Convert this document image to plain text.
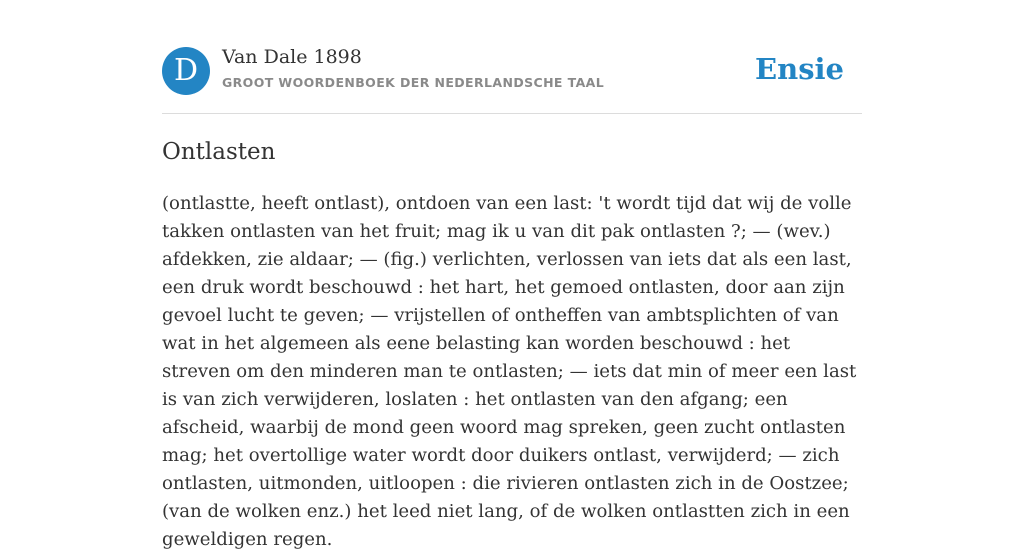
D	Van Dale 1898
GROOT WOORDENBOEK DER NEDERLANDSCHE TAAL	Ensie
Ontlasten

(ontlastte, heeft ontlast), ontdoen van een last: 't wordt tijd dat wij de volle takken ontlasten van het fruit; mag ik u van dit pak ontlasten ?; — (wev.) afdekken, zie aldaar; — (fig.) verlichten, verlossen van iets dat als een last, een druk wordt beschouwd : het hart, het gemoed ontlasten, door aan zijn gevoel lucht te geven; — vrijstellen of ontheffen van ambtsplichten of van wat in het algemeen als eene belasting kan worden beschouwd : het streven om den minderen man te ontlasten; — iets dat min of meer een last is van zich verwijderen, loslaten : het ontlasten van den afgang; een afscheid, waarbij de mond geen woord mag spreken, geen zucht ontlasten mag; het overtollige water wordt door duikers ontlast, verwijderd; — zich ontlasten, uitmonden, uitloopen : die rivieren ontlasten zich in de Oostzee; (van de wolken enz.) het leed niet lang, of de wolken ontlastten zich in een geweldigen regen.
